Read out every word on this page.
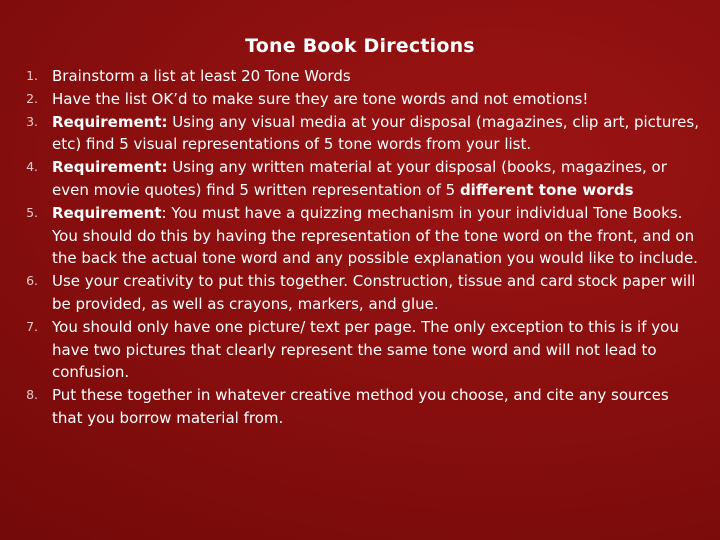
Tone Book Directions
1. Brainstorm a list at least 20 Tone Words
2. Have the list OK’d to make sure they are tone words and not emotions!
3. Requirement: Using any visual media at your disposal (magazines, clip art, pictures, etc) find 5 visual representations of 5 tone words from your list.
4. Requirement: Using any written material at your disposal (books, magazines, or even movie quotes) find 5 written representation of 5 different tone words
5. Requirement: You must have a quizzing mechanism in your individual Tone Books. You should do this by having the representation of the tone word on the front, and on the back the actual tone word and any possible explanation you would like to include.
6. Use your creativity to put this together. Construction, tissue and card stock paper will be provided, as well as crayons, markers, and glue.
7. You should only have one picture/ text per page. The only exception to this is if you have two pictures that clearly represent the same tone word and will not lead to confusion.
8. Put these together in whatever creative method you choose, and cite any sources that you borrow material from.
